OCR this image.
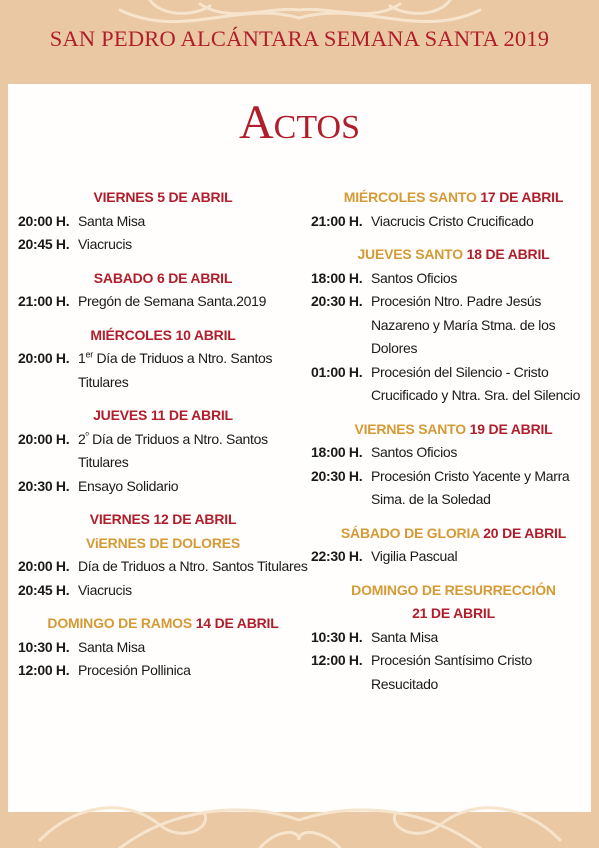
SAN PEDRO ALCÁNTARA SEMANA SANTA 2019
Actos
VIERNES 5 DE ABRIL
20:00 H. Santa Misa
20:45 H. Viacrucis
SABADO 6 DE ABRIL
21:00 H. Pregón de Semana Santa.2019
MIÉRCOLES 10 ABRIL
20:00 H. 1er Día de Triduos a Ntro. Santos Titulares
JUEVES 11 DE ABRIL
20:00 H. $2^º$ Día de Triduos a Ntro. Santos Titulares
20:30 H. Ensayo Solidario
VIERNES 12 DE ABRIL
ViERNES DE DOLORES
20:00 H. Día de Triduos a Ntro. Santos Titulares
20:45 H. Viacrucis
DOMINGO DE RAMOS 14 DE ABRIL
10:30 H. Santa Misa
12:00 H. Procesión Pollinica
MIÉRCOLES SANTO 17 DE ABRIL
21:00 H. Viacrucis Cristo Crucificado
JUEVES SANTO 18 DE ABRIL
18:00 H. Santos Oficios
20:30 H. Procesión Ntro. Padre Jesús Nazareno y María Stma. de los Dolores
01:00 H. Procesión del Silencio - Cristo Crucificado y Ntra. Sra. del Silencio
VIERNES SANTO 19 DE ABRIL
18:00 H. Santos Oficios
20:30 H. Procesión Cristo Yacente y Marra Sima. de la Soledad
SÁBADO DE GLORIA 20 DE ABRIL
22:30 H. Vigilia Pascual
DOMINGO DE RESURRECCIÓN
21 DE ABRIL
10:30 H. Santa Misa
12:00 H. Procesión Santísimo Cristo Resucitado
